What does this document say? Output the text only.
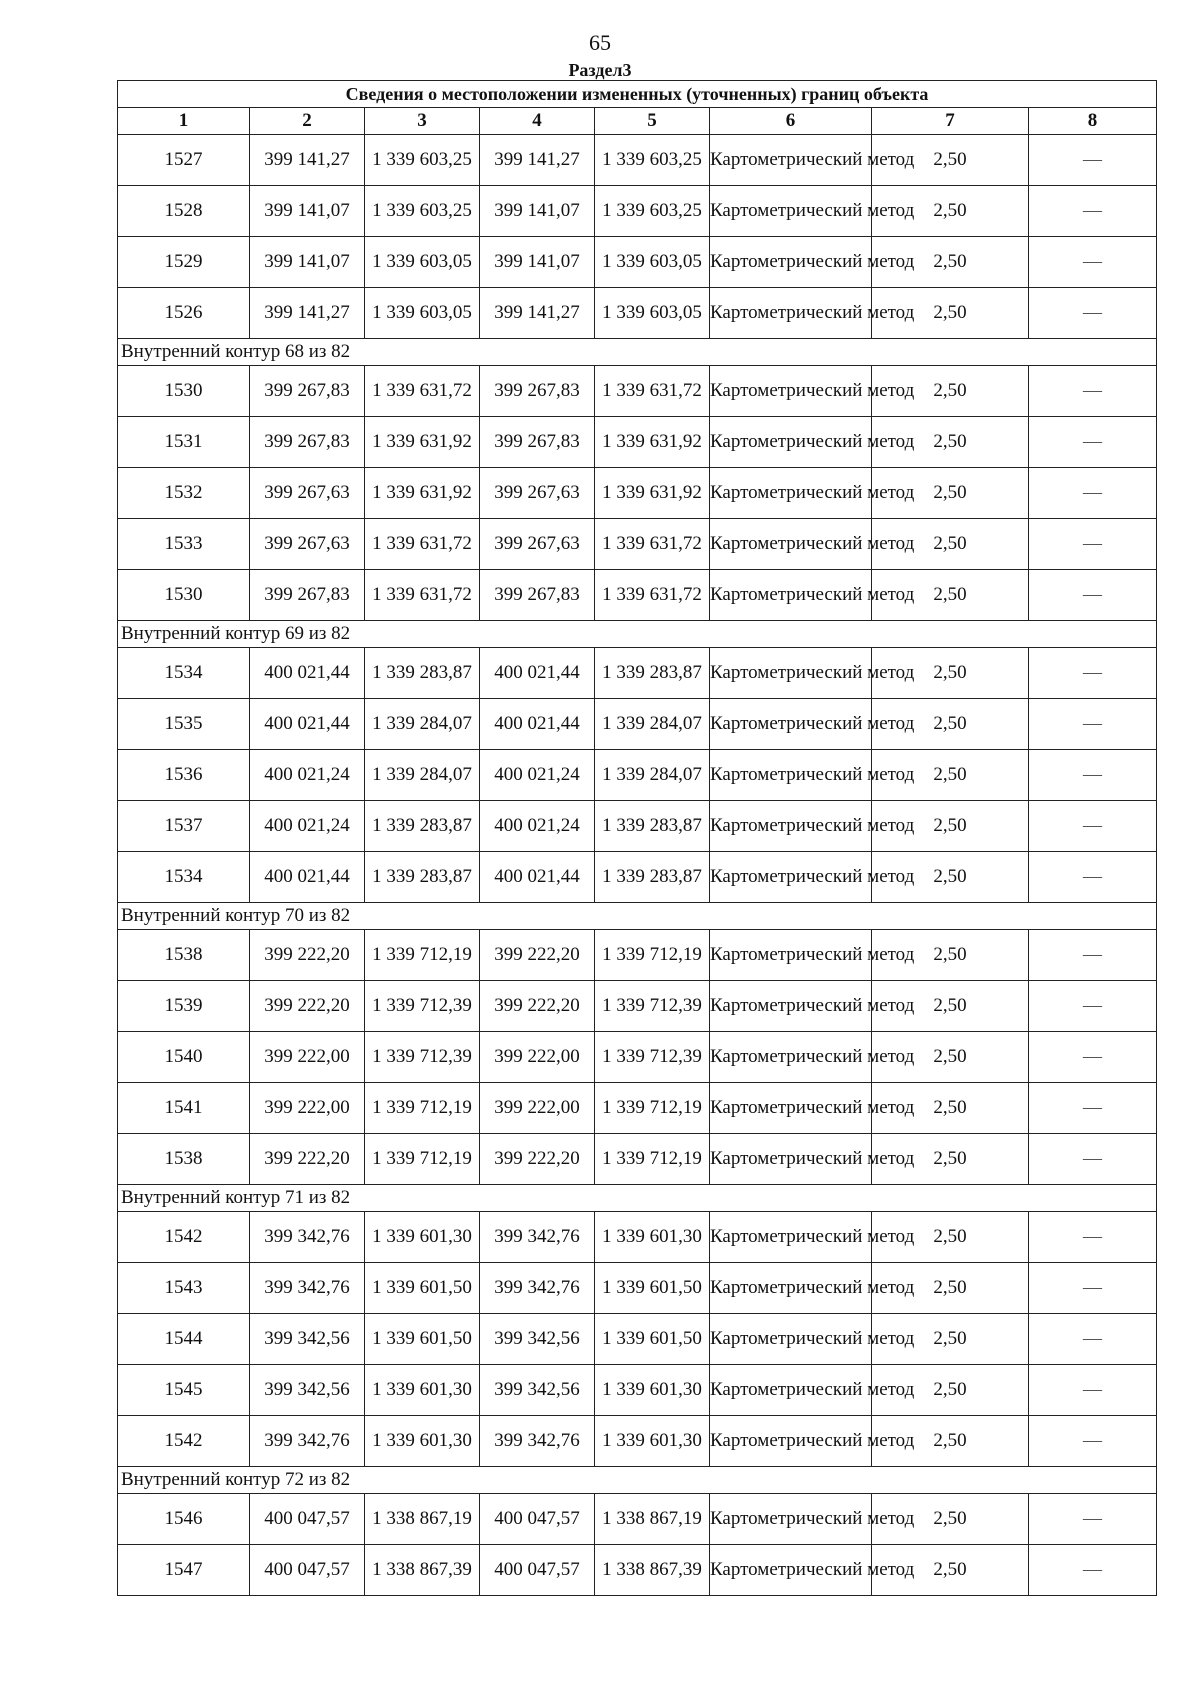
65
Раздел3
Сведения о местоположении измененных (уточненных) границ объекта							
1	2	3	4	5	6	7	8
1527	399 141,27	1 339 603,25	399 141,27	1 339 603,25	Картометрический метод	2,50	—
1528	399 141,07	1 339 603,25	399 141,07	1 339 603,25	Картометрический метод	2,50	—
1529	399 141,07	1 339 603,05	399 141,07	1 339 603,05	Картометрический метод	2,50	—
1526	399 141,27	1 339 603,05	399 141,27	1 339 603,05	Картометрический метод	2,50	—
Внутренний контур 68 из 82							
1530	399 267,83	1 339 631,72	399 267,83	1 339 631,72	Картометрический метод	2,50	—
1531	399 267,83	1 339 631,92	399 267,83	1 339 631,92	Картометрический метод	2,50	—
1532	399 267,63	1 339 631,92	399 267,63	1 339 631,92	Картометрический метод	2,50	—
1533	399 267,63	1 339 631,72	399 267,63	1 339 631,72	Картометрический метод	2,50	—
1530	399 267,83	1 339 631,72	399 267,83	1 339 631,72	Картометрический метод	2,50	—
Внутренний контур 69 из 82							
1534	400 021,44	1 339 283,87	400 021,44	1 339 283,87	Картометрический метод	2,50	—
1535	400 021,44	1 339 284,07	400 021,44	1 339 284,07	Картометрический метод	2,50	—
1536	400 021,24	1 339 284,07	400 021,24	1 339 284,07	Картометрический метод	2,50	—
1537	400 021,24	1 339 283,87	400 021,24	1 339 283,87	Картометрический метод	2,50	—
1534	400 021,44	1 339 283,87	400 021,44	1 339 283,87	Картометрический метод	2,50	—
Внутренний контур 70 из 82							
1538	399 222,20	1 339 712,19	399 222,20	1 339 712,19	Картометрический метод	2,50	—
1539	399 222,20	1 339 712,39	399 222,20	1 339 712,39	Картометрический метод	2,50	—
1540	399 222,00	1 339 712,39	399 222,00	1 339 712,39	Картометрический метод	2,50	—
1541	399 222,00	1 339 712,19	399 222,00	1 339 712,19	Картометрический метод	2,50	—
1538	399 222,20	1 339 712,19	399 222,20	1 339 712,19	Картометрический метод	2,50	—
Внутренний контур 71 из 82							
1542	399 342,76	1 339 601,30	399 342,76	1 339 601,30	Картометрический метод	2,50	—
1543	399 342,76	1 339 601,50	399 342,76	1 339 601,50	Картометрический метод	2,50	—
1544	399 342,56	1 339 601,50	399 342,56	1 339 601,50	Картометрический метод	2,50	—
1545	399 342,56	1 339 601,30	399 342,56	1 339 601,30	Картометрический метод	2,50	—
1542	399 342,76	1 339 601,30	399 342,76	1 339 601,30	Картометрический метод	2,50	—
Внутренний контур 72 из 82							
1546	400 047,57	1 338 867,19	400 047,57	1 338 867,19	Картометрический метод	2,50	—
1547	400 047,57	1 338 867,39	400 047,57	1 338 867,39	Картометрический метод	2,50	—
